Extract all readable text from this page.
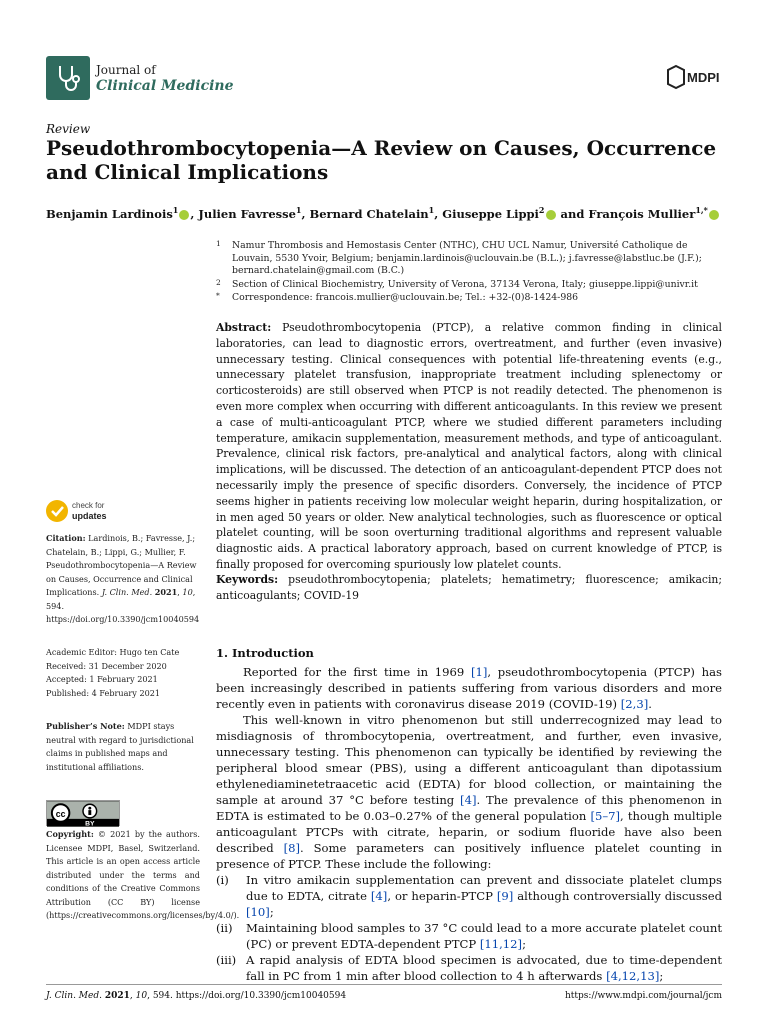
Journal of
Clinical Medicine
MDPI
Review
Pseudothrombocytopenia—A Review on Causes, Occurrence and Clinical Implications
Benjamin Lardinois$^1$ , Julien Favresse$^1$, Bernard Chatelain$^1$, Giuseppe Lippi$^2$ and François Mullier$^{1,*}$
1 Namur Thrombosis and Hemostasis Center (NTHC), CHU UCL Namur, Université Catholique de Louvain, 5530 Yvoir, Belgium; benjamin.lardinois@uclouvain.be (B.L.); j.favresse@labstluc.be (J.F.); bernard.chatelain@gmail.com (B.C.)
2 Section of Clinical Biochemistry, University of Verona, 37134 Verona, Italy; giuseppe.lippi@univr.it
* Correspondence: francois.mullier@uclouvain.be; Tel.: +32-(0)8-1424-986

Abstract: Pseudothrombocytopenia (PTCP), a relative common finding in clinical laboratories, can lead to diagnostic errors, overtreatment, and further (even invasive) unnecessary testing. Clinical consequences with potential life-threatening events (e.g., unnecessary platelet transfusion, inappropriate treatment including splenectomy or corticosteroids) are still observed when PTCP is not readily detected. The phenomenon is even more complex when occurring with different anticoagulants. In this review we present a case of multi-anticoagulant PTCP, where we studied different parameters including temperature, amikacin supplementation, measurement methods, and type of anticoagulant. Prevalence, clinical risk factors, pre-analytical and analytical factors, along with clinical implications, will be discussed. The detection of an anticoagulant-dependent PTCP does not necessarily imply the presence of specific disorders. Conversely, the incidence of PTCP seems higher in patients receiving low molecular weight heparin, during hospitalization, or in men aged 50 years or older. New analytical technologies, such as fluorescence or optical platelet counting, will be soon overturning traditional algorithms and represent valuable diagnostic aids. A practical laboratory approach, based on current knowledge of PTCP, is finally proposed for overcoming spuriously low platelet counts.

Keywords: pseudothrombocytopenia; platelets; hematimetry; fluorescence; amikacin; anticoagulants; COVID-19

check for
updates
Citation: Lardinois, B.; Favresse, J.; Chatelain, B.; Lippi, G.; Mullier, F. Pseudothrombocytopenia—A Review on Causes, Occurrence and Clinical Implications. J. Clin. Med. 2021, 10, 594. https://doi.org/10.3390/jcm10040594
Academic Editor: Hugo ten Cate
Received: 31 December 2020
Accepted: 1 February 2021
Published: 4 February 2021
Publisher’s Note: MDPI stays neutral with regard to jurisdictional claims in published maps and institutional affiliations.
cc
BY
Copyright: © 2021 by the authors. Licensee MDPI, Basel, Switzerland. This article is an open access article distributed under the terms and conditions of the Creative Commons Attribution (CC BY) license (https://creativecommons.org/licenses/by/4.0/).
1. Introduction

Reported for the first time in 1969 [1], pseudothrombocytopenia (PTCP) has been increasingly described in patients suffering from various disorders and more recently even in patients with coronavirus disease 2019 (COVID-19) [2,3].

This well-known in vitro phenomenon but still underrecognized may lead to misdiagnosis of thrombocytopenia, overtreatment, and further, even invasive, unnecessary testing. This phenomenon can typically be identified by reviewing the peripheral blood smear (PBS), using a different anticoagulant than dipotassium ethylenediaminetetraacetic acid (EDTA) for blood collection, or maintaining the sample at around 37 °C before testing [4]. The prevalence of this phenomenon in EDTA is estimated to be 0.03–0.27% of the general population [5–7], though multiple anticoagulant PTCPs with citrate, heparin, or sodium fluoride have also been described [8]. Some parameters can positively influence platelet counting in presence of PTCP. These include the following:

(i)	In vitro amikacin supplementation can prevent and dissociate platelet clumps due to EDTA, citrate [4], or heparin-PTCP [9] although controversially discussed [10];
(ii)	Maintaining blood samples to 37 °C could lead to a more accurate platelet count (PC) or prevent EDTA-dependent PTCP [11,12];
(iii) A rapid analysis of EDTA blood specimen is advocated, due to time-dependent fall in PC from 1 min after blood collection to 4 h afterwards [4,12,13];
J. Clin. Med. 2021, 10, 594. https://doi.org/10.3390/jcm10040594	https://www.mdpi.com/journal/jcm
